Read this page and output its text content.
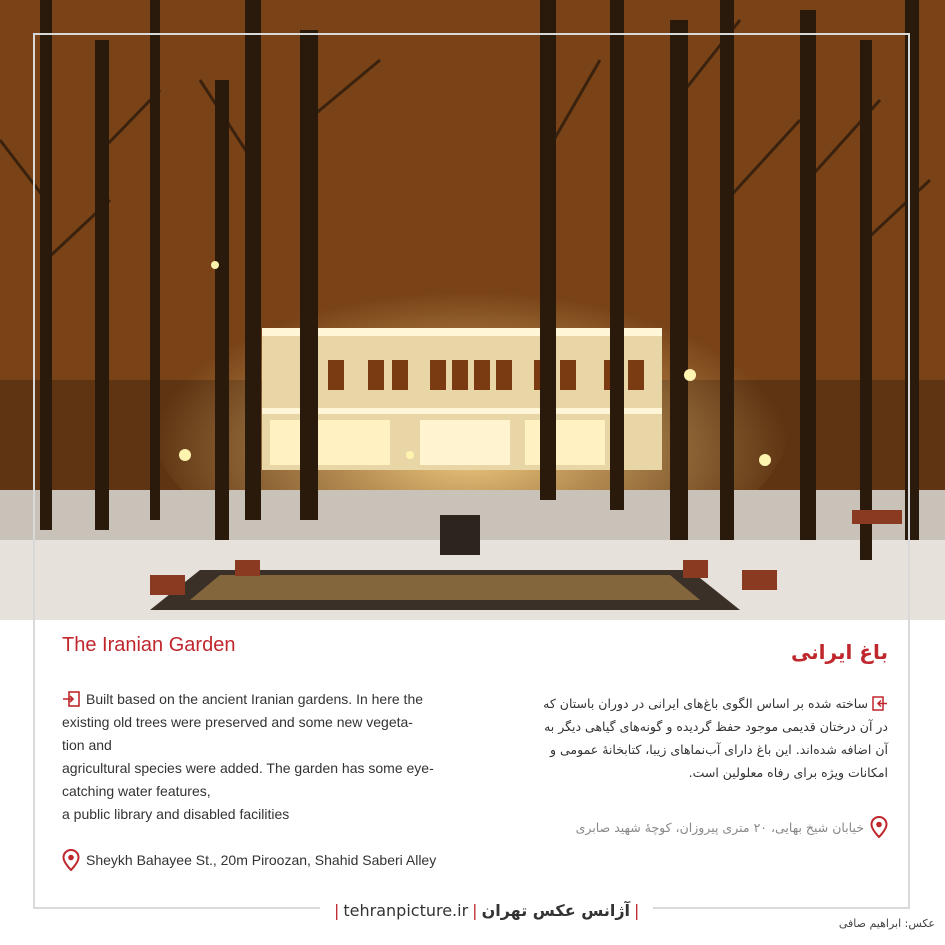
The Iranian Garden	باغ ایرانی
Built based on the ancient Iranian gardens. In here the
existing old trees were preserved and some new vegeta-
tion and
agricultural species were added. The garden has some eye-
catching water features,
a public library and disabled facilities
ساخته شده بر اساس الگوی باغ‌های ایرانی در دوران باستان که
در آن درختان قدیمی موجود حفظ گردیده و گونه‌های گیاهی دیگر به
آن اضافه شده‌اند. این باغ دارای آب‌نماهای زیبا، کتابخانهٔ عمومی و
امکانات ویژه برای رفاه معلولین است.
خیابان شیخ بهایی، ۲۰ متری پیروزان، کوچهٔ شهید صابری
Sheykh Bahayee St., 20m Piroozan, Shahid Saberi Alley
| tehranpicture.ir | آژانس عکس تهران |
عکس: ابراهیم صافی
